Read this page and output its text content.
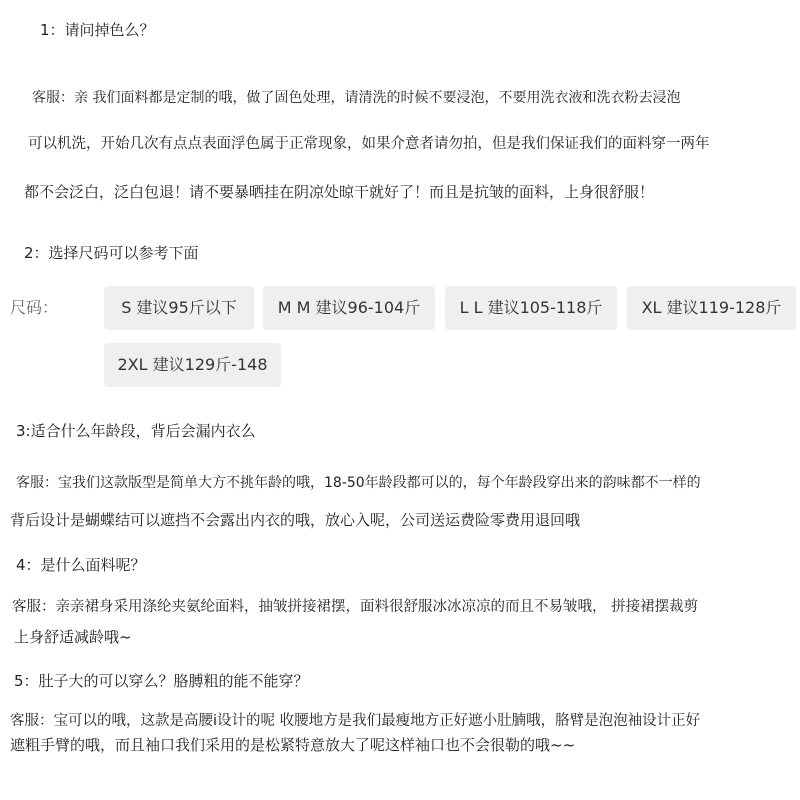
1：请问掉色么？
客服：亲 我们面料都是定制的哦，做了固色处理，请清洗的时候不要浸泡，不要用洗衣液和洗衣粉去浸泡
可以机洗，开始几次有点点表面浮色属于正常现象，如果介意者请勿拍，但是我们保证我们的面料穿一两年
都不会泛白，泛白包退！请不要暴晒挂在阴凉处晾干就好了！而且是抗皱的面料，上身很舒服！
2：选择尺码可以参考下面
尺码：	S 建议95斤以下	M M 建议96-104斤	L L 建议105-118斤	XL 建议119-128斤
2XL 建议129斤-148
3:适合什么年龄段，背后会漏内衣么
客服：宝我们这款版型是简单大方不挑年龄的哦，18-50年龄段都可以的，每个年龄段穿出来的韵味都不一样的
背后设计是蝴蝶结可以遮挡不会露出内衣的哦，放心入呢，公司送运费险零费用退回哦
4：是什么面料呢？
客服：亲亲裙身采用涤纶夹氨纶面料，抽皱拼接裙摆，面料很舒服冰冰凉凉的而且不易皱哦， 拼接裙摆裁剪
上身舒适减龄哦~
5：肚子大的可以穿么？胳膊粗的能不能穿？
客服：宝可以的哦，这款是高腰i设计的呢 收腰地方是我们最瘦地方正好遮小肚腩哦，胳臂是泡泡袖设计正好
遮粗手臂的哦，而且袖口我们采用的是松紧特意放大了呢这样袖口也不会很勒的哦~~
